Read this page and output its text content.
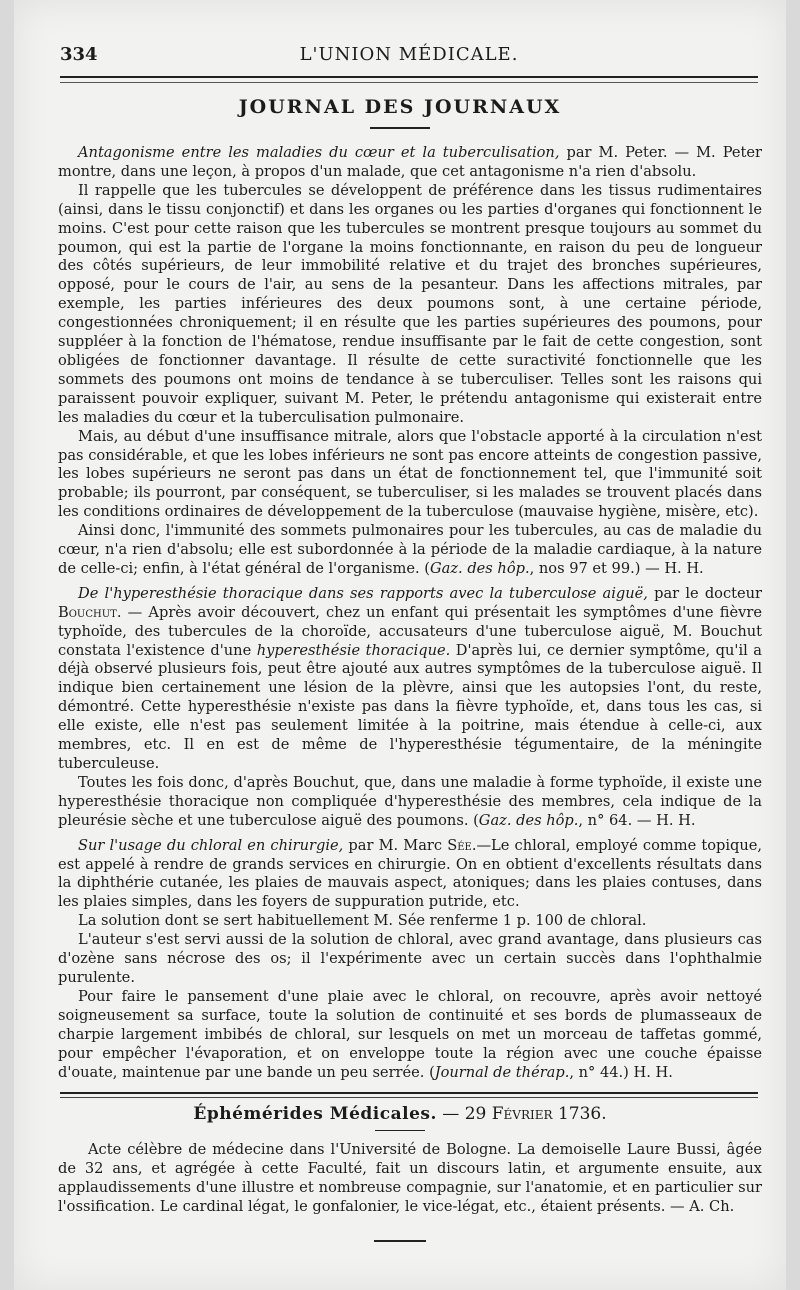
334	L'UNION MÉDICALE.
JOURNAL DES JOURNAUX

Antagonisme entre les maladies du cœur et la tuberculisation, par M. Peter. — M. Peter montre, dans une leçon, à propos d'un malade, que cet antagonisme n'a rien d'absolu.

Il rappelle que les tubercules se développent de préférence dans les tissus rudimentaires (ainsi, dans le tissu conjonctif) et dans les organes ou les parties d'organes qui fonctionnent le moins. C'est pour cette raison que les tubercules se montrent presque toujours au sommet du poumon, qui est la partie de l'organe la moins fonctionnante, en raison du peu de longueur des côtés supérieurs, de leur immobilité relative et du trajet des bronches supérieures, opposé, pour le cours de l'air, au sens de la pesanteur. Dans les affections mitrales, par exemple, les parties inférieures des deux poumons sont, à une certaine période, congestionnées chroniquement; il en résulte que les parties supérieures des poumons, pour suppléer à la fonction de l'hématose, rendue insuffisante par le fait de cette congestion, sont obligées de fonctionner davantage. Il résulte de cette suractivité fonctionnelle que les sommets des poumons ont moins de tendance à se tuberculiser. Telles sont les raisons qui paraissent pouvoir expliquer, suivant M. Peter, le prétendu antagonisme qui existerait entre les maladies du cœur et la tuberculisation pulmonaire.

Mais, au début d'une insuffisance mitrale, alors que l'obstacle apporté à la circulation n'est pas considérable, et que les lobes inférieurs ne sont pas encore atteints de congestion passive, les lobes supérieurs ne seront pas dans un état de fonctionnement tel, que l'immunité soit probable; ils pourront, par conséquent, se tuberculiser, si les malades se trouvent placés dans les conditions ordinaires de développement de la tuberculose (mauvaise hygiène, misère, etc).

Ainsi donc, l'immunité des sommets pulmonaires pour les tubercules, au cas de maladie du cœur, n'a rien d'absolu; elle est subordonnée à la période de la maladie cardiaque, à la nature de celle-ci; enfin, à l'état général de l'organisme. (Gaz. des hôp., nos 97 et 99.) — H. H.

De l'hyperesthésie thoracique dans ses rapports avec la tuberculose aiguë, par le docteur Bouchut. — Après avoir découvert, chez un enfant qui présentait les symptômes d'une fièvre typhoïde, des tubercules de la choroïde, accusateurs d'une tuberculose aiguë, M. Bouchut constata l'existence d'une hyperesthésie thoracique. D'après lui, ce dernier symptôme, qu'il a déjà observé plusieurs fois, peut être ajouté aux autres symptômes de la tuberculose aiguë. Il indique bien certainement une lésion de la plèvre, ainsi que les autopsies l'ont, du reste, démontré. Cette hyperesthésie n'existe pas dans la fièvre typhoïde, et, dans tous les cas, si elle existe, elle n'est pas seulement limitée à la poitrine, mais étendue à celle-ci, aux membres, etc. Il en est de même de l'hyperesthésie tégumentaire, de la méningite tuberculeuse.

Toutes les fois donc, d'après Bouchut, que, dans une maladie à forme typhoïde, il existe une hyperesthésie thoracique non compliquée d'hyperesthésie des membres, cela indique de la pleurésie sèche et une tuberculose aiguë des poumons. (Gaz. des hôp., n° 64. — H. H.

Sur l'usage du chloral en chirurgie, par M. Marc Sée.—Le chloral, employé comme topique, est appelé à rendre de grands services en chirurgie. On en obtient d'excellents résultats dans la diphthérie cutanée, les plaies de mauvais aspect, atoniques; dans les plaies contuses, dans les plaies simples, dans les foyers de suppuration putride, etc.

La solution dont se sert habituellement M. Sée renferme 1 p. 100 de chloral.

L'auteur s'est servi aussi de la solution de chloral, avec grand avantage, dans plusieurs cas d'ozène sans nécrose des os; il l'expérimente avec un certain succès dans l'ophthalmie purulente.

Pour faire le pansement d'une plaie avec le chloral, on recouvre, après avoir nettoyé soigneusement sa surface, toute la solution de continuité et ses bords de plumasseaux de charpie largement imbibés de chloral, sur lesquels on met un morceau de taffetas gommé, pour empêcher l'évaporation, et on enveloppe toute la région avec une couche épaisse d'ouate, maintenue par une bande un peu serrée. (Journal de thérap., n° 44.) H. H.

Éphémérides Médicales. — 29 Février 1736.

Acte célèbre de médecine dans l'Université de Bologne. La demoiselle Laure Bussi, âgée de 32 ans, et agrégée à cette Faculté, fait un discours latin, et argumente ensuite, aux applaudissements d'une illustre et nombreuse compagnie, sur l'anatomie, et en particulier sur l'ossification. Le cardinal légat, le gonfalonier, le vice-légat, etc., étaient présents. — A. Ch.
